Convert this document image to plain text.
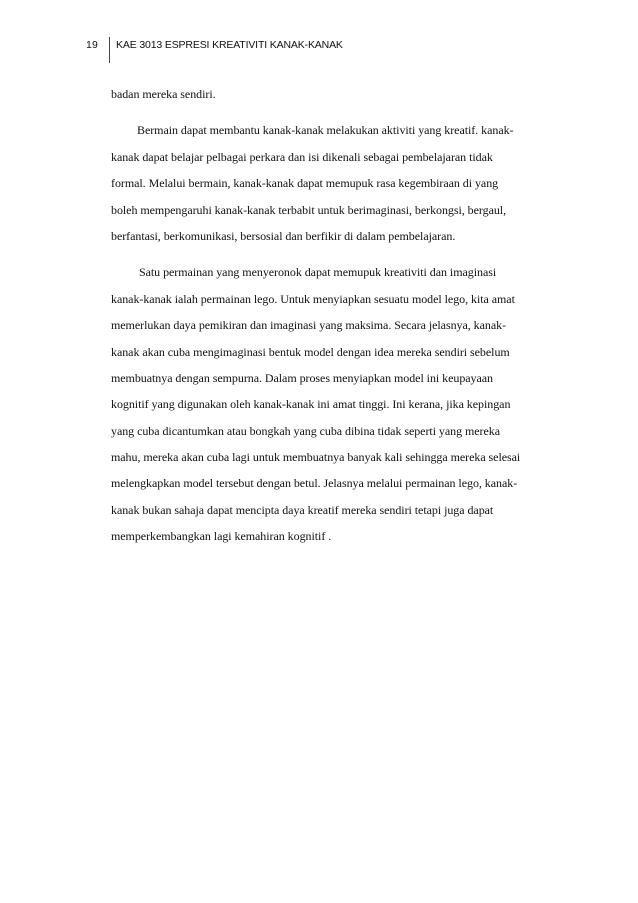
19 KAE 3013 ESPRESI KREATIVITI KANAK-KANAK
badan mereka sendiri.
Bermain dapat membantu kanak-kanak melakukan aktiviti yang kreatif. kanak-
kanak dapat belajar pelbagai perkara dan isi dikenali sebagai pembelajaran tidak
formal. Melalui bermain, kanak-kanak dapat memupuk rasa kegembiraan di yang
boleh mempengaruhi kanak-kanak terbabit untuk berimaginasi, berkongsi, bergaul,
berfantasi, berkomunikasi, bersosial dan berfikir di dalam pembelajaran.
Satu permainan yang menyeronok dapat memupuk kreativiti dan imaginasi
kanak-kanak ialah permainan lego. Untuk menyiapkan sesuatu model lego, kita amat
memerlukan daya pemikiran dan imaginasi yang maksima. Secara jelasnya, kanak-
kanak akan cuba mengimaginasi bentuk model dengan idea mereka sendiri sebelum
membuatnya dengan sempurna. Dalam proses menyiapkan model ini keupayaan
kognitif yang digunakan oleh kanak-kanak ini amat tinggi. Ini kerana, jika kepingan
yang cuba dicantumkan atau bongkah yang cuba dibina tidak seperti yang mereka
mahu, mereka akan cuba lagi untuk membuatnya banyak kali sehingga mereka selesai
melengkapkan model tersebut dengan betul. Jelasnya melalui permainan lego, kanak-
kanak bukan sahaja dapat mencipta daya kreatif mereka sendiri tetapi juga dapat
memperkembangkan lagi kemahiran kognitif .
